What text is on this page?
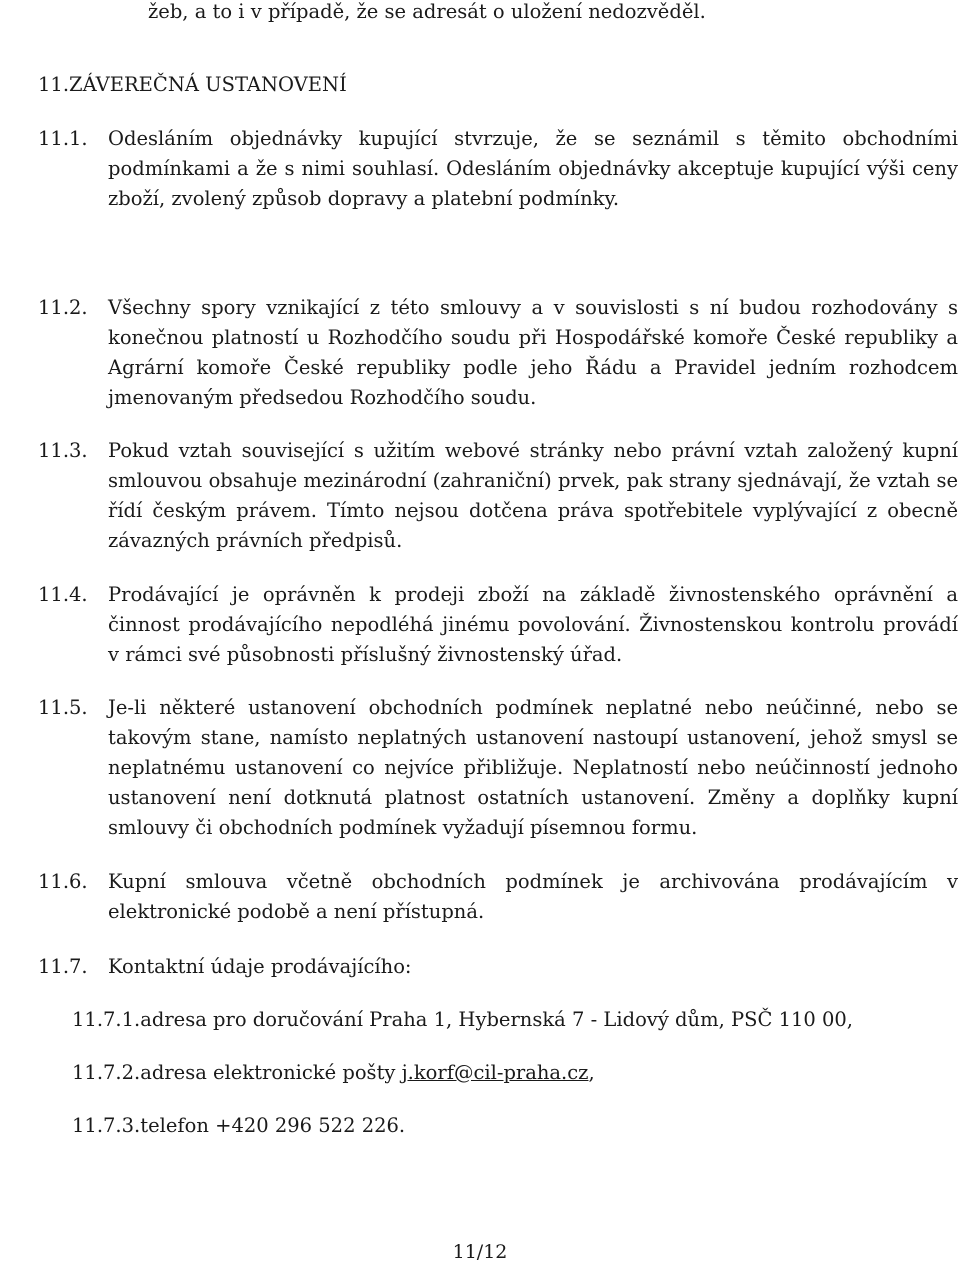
žeb, a to i v případě, že se adresát o uložení nedozvěděl.
11.ZÁVEREČNÁ USTANOVENÍ
11.1.	Odesláním objednávky kupující stvrzuje, že se seznámil s těmito obchodními podmínkami a že s nimi souhlasí. Odesláním objednávky akceptuje kupující výši ceny zboží, zvolený způsob dopravy a platební podmínky.
11.2.	Všechny spory vznikající z této smlouvy a v souvislosti s ní budou rozhodovány s konečnou platností u Rozhodčího soudu při Hospodářské komoře České republiky a Agrární komoře České republiky podle jeho Řádu a Pravidel jedním rozhodcem jmenovaným předsedou Rozhodčího soudu.
11.3.	Pokud vztah související s užitím webové stránky nebo právní vztah založený kupní smlouvou obsahuje mezinárodní (zahraniční) prvek, pak strany sjednávají, že vztah se řídí českým právem. Tímto nejsou dotčena práva spotřebitele vyplývající z obecně závazných právních předpisů.
11.4.	Prodávající je oprávněn k prodeji zboží na základě živnostenského oprávnění a činnost prodávajícího nepodléhá jinému povolování. Živnostenskou kontrolu provádí v rámci své působnosti příslušný živnostenský úřad.
11.5.	Je-li některé ustanovení obchodních podmínek neplatné nebo neúčinné, nebo se takovým stane, namísto neplatných ustanovení nastoupí ustanovení, jehož smysl se neplatnému ustanovení co nejvíce přibližuje. Neplatností nebo neúčinností jednoho ustanovení není dotknutá platnost ostatních ustanovení. Změny a doplňky kupní smlouvy či obchodních podmínek vyžadují písemnou formu.
11.6.	Kupní smlouva včetně obchodních podmínek je archivována prodávajícím v elektronické podobě a není přístupná.
11.7.	Kontaktní údaje prodávajícího:
11.7.1.adresa pro doručování Praha 1, Hybernská 7 - Lidový dům, PSČ 110 00,
11.7.2.adresa elektronické pošty j.korf@cil-praha.cz,
11.7.3.telefon +420 296 522 226.
11/12
